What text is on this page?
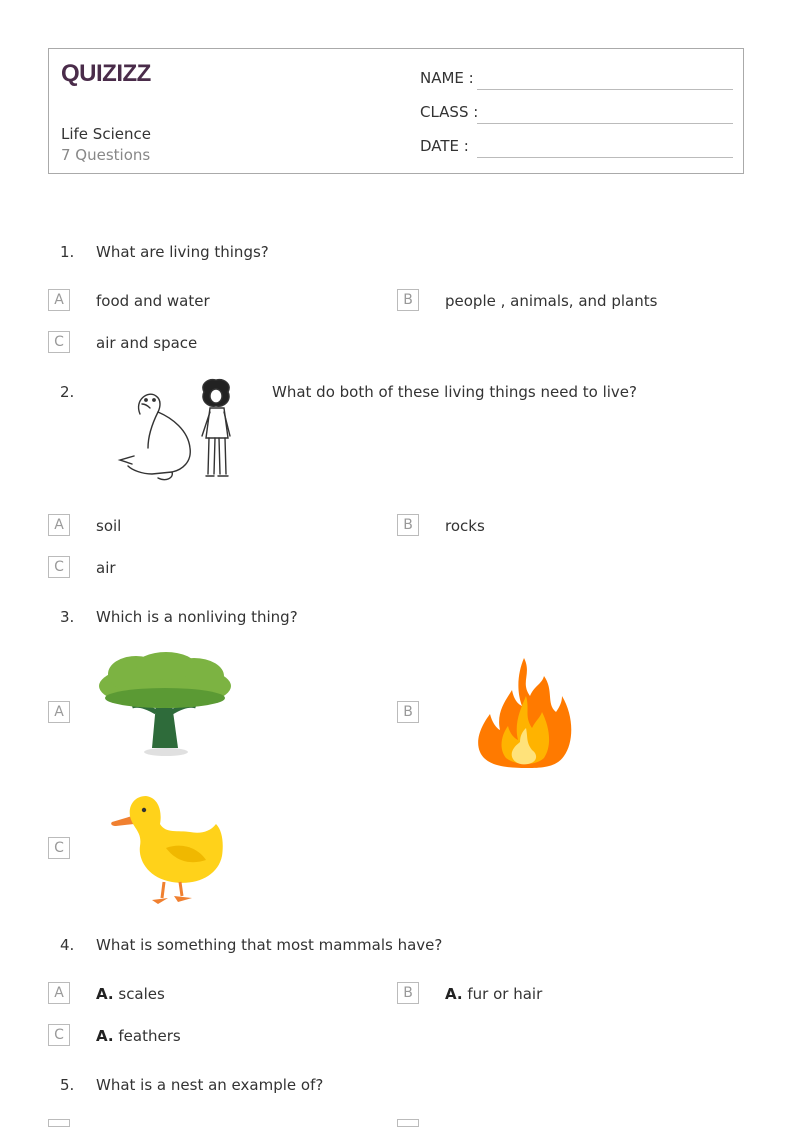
QUIZIZZ
Life Science
7 Questions
NAME :
CLASS :
DATE :
1. What are living things?
A	food and water	B	people , animals, and plants
C	air and space
2.	What do both of these living things need to live?
A	soil	B	rocks
C	air
3. Which is a nonliving thing?
A	B
C
4. What is something that most mammals have?
A	A. scales	B	A. fur or hair
C	A. feathers
5. What is a nest an example of?
